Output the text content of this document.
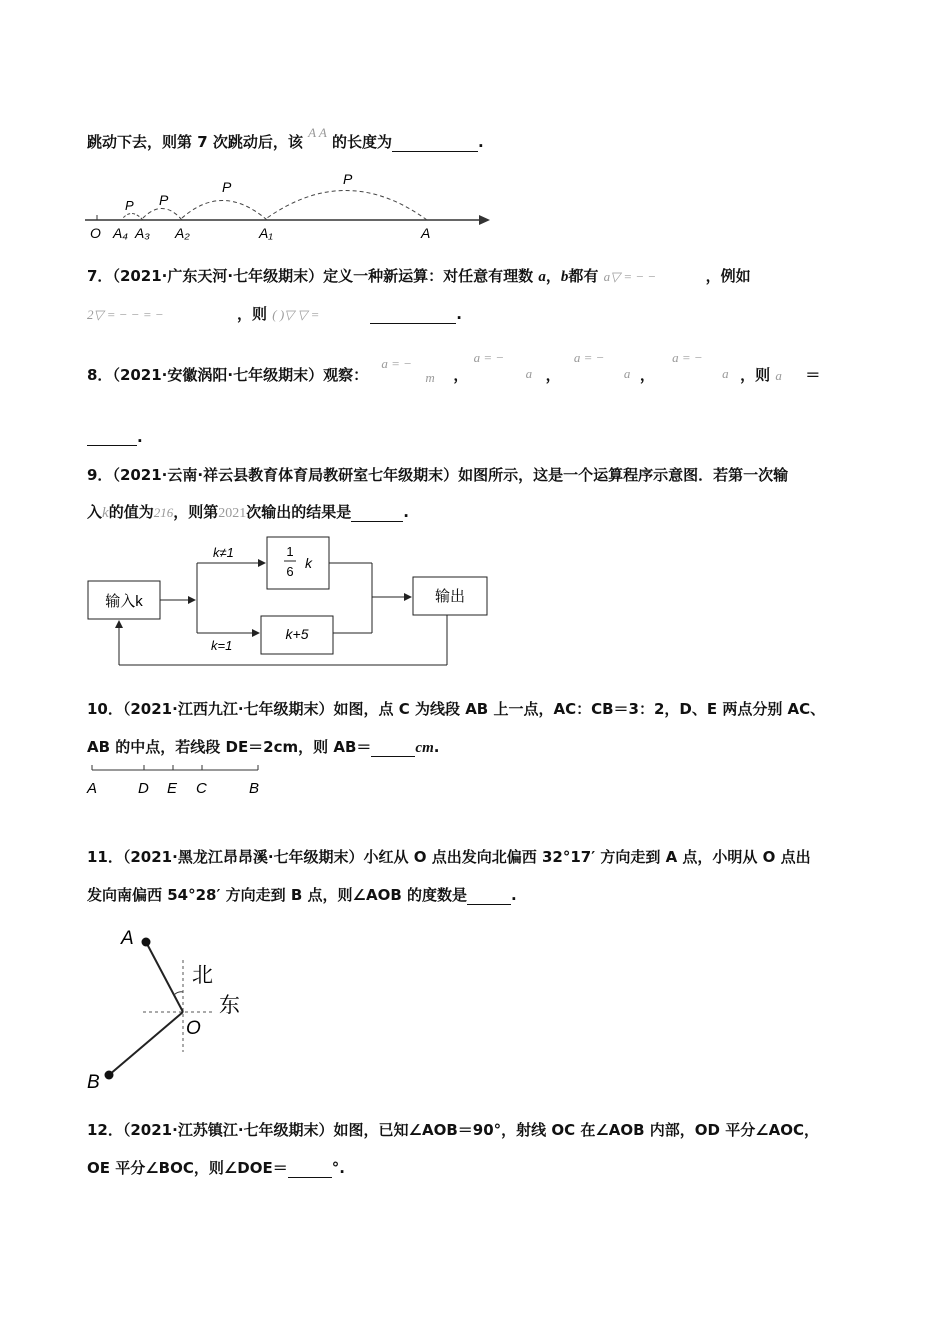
跳动下去，则第 7 次跳动后，该 A A 的长度为	.
P
P
P
P
O A₄ A₃ A₂	A₁	A
7．（2021·广东天河·七年级期末）定义一种新运算：对任意有理数 a，b都有 a▽ = − −	，例如
2▽ = − − = −	，则 ( )▽ ▽ =	.
8．（2021·安徽涡阳·七年级期末）观察：
a = −
m ，
a = −
a ，
a = −
a ，
a = −
a ，则 a ＝
.
9．（2021·云南·祥云县教育体育局教研室七年级期末）如图所示，这是一个运算程序示意图．若第一次输
入k的值为216，则第2021次输出的结果是	.
输入k
k≠1
k=1
1
6
k
k+5
输出
10．（2021·江西九江·七年级期末）如图，点 C 为线段 AB 上一点，AC：CB＝3：2，D、E 两点分别 AC、
AB 的中点，若线段 DE＝2cm，则 AB＝	cm.
A	D E C	B
11．（2021·黑龙江昂昂溪·七年级期末）小红从 O 点出发向北偏西 32°17′ 方向走到 A 点，小明从 O 点出
发向南偏西 54°28′ 方向走到 B 点，则∠AOB 的度数是	.
A
B
O
北
东
12．（2021·江苏镇江·七年级期末）如图，已知∠AOB＝90°，射线 OC 在∠AOB 内部，OD 平分∠AOC，
OE 平分∠BOC，则∠DOE＝	°.
